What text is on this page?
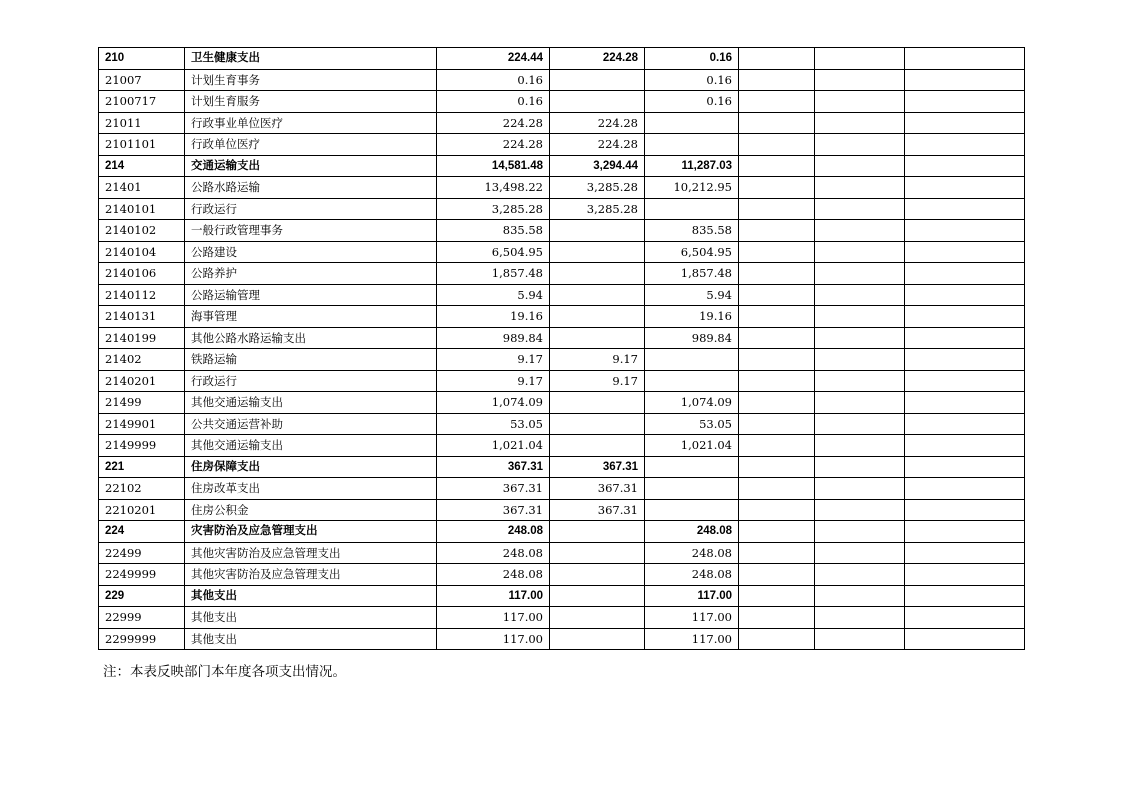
210	卫生健康支出	224.44	224.28	0.16			
21007	计划生育事务	0.16		0.16			
2100717	计划生育服务	0.16		0.16			
21011	行政事业单位医疗	224.28	224.28				
2101101	行政单位医疗	224.28	224.28				
214	交通运输支出	14,581.48	3,294.44	11,287.03			
21401	公路水路运输	13,498.22	3,285.28	10,212.95			
2140101	行政运行	3,285.28	3,285.28				
2140102	一般行政管理事务	835.58		835.58			
2140104	公路建设	6,504.95		6,504.95			
2140106	公路养护	1,857.48		1,857.48			
2140112	公路运输管理	5.94		5.94			
2140131	海事管理	19.16		19.16			
2140199	其他公路水路运输支出	989.84		989.84			
21402	铁路运输	9.17	9.17				
2140201	行政运行	9.17	9.17				
21499	其他交通运输支出	1,074.09		1,074.09			
2149901	公共交通运营补助	53.05		53.05			
2149999	其他交通运输支出	1,021.04		1,021.04			
221	住房保障支出	367.31	367.31				
22102	住房改革支出	367.31	367.31				
2210201	住房公积金	367.31	367.31				
224	灾害防治及应急管理支出	248.08		248.08			
22499	其他灾害防治及应急管理支出	248.08		248.08			
2249999	其他灾害防治及应急管理支出	248.08		248.08			
229	其他支出	117.00		117.00			
22999	其他支出	117.00		117.00			
2299999	其他支出	117.00		117.00			
注：本表反映部门本年度各项支出情况。
